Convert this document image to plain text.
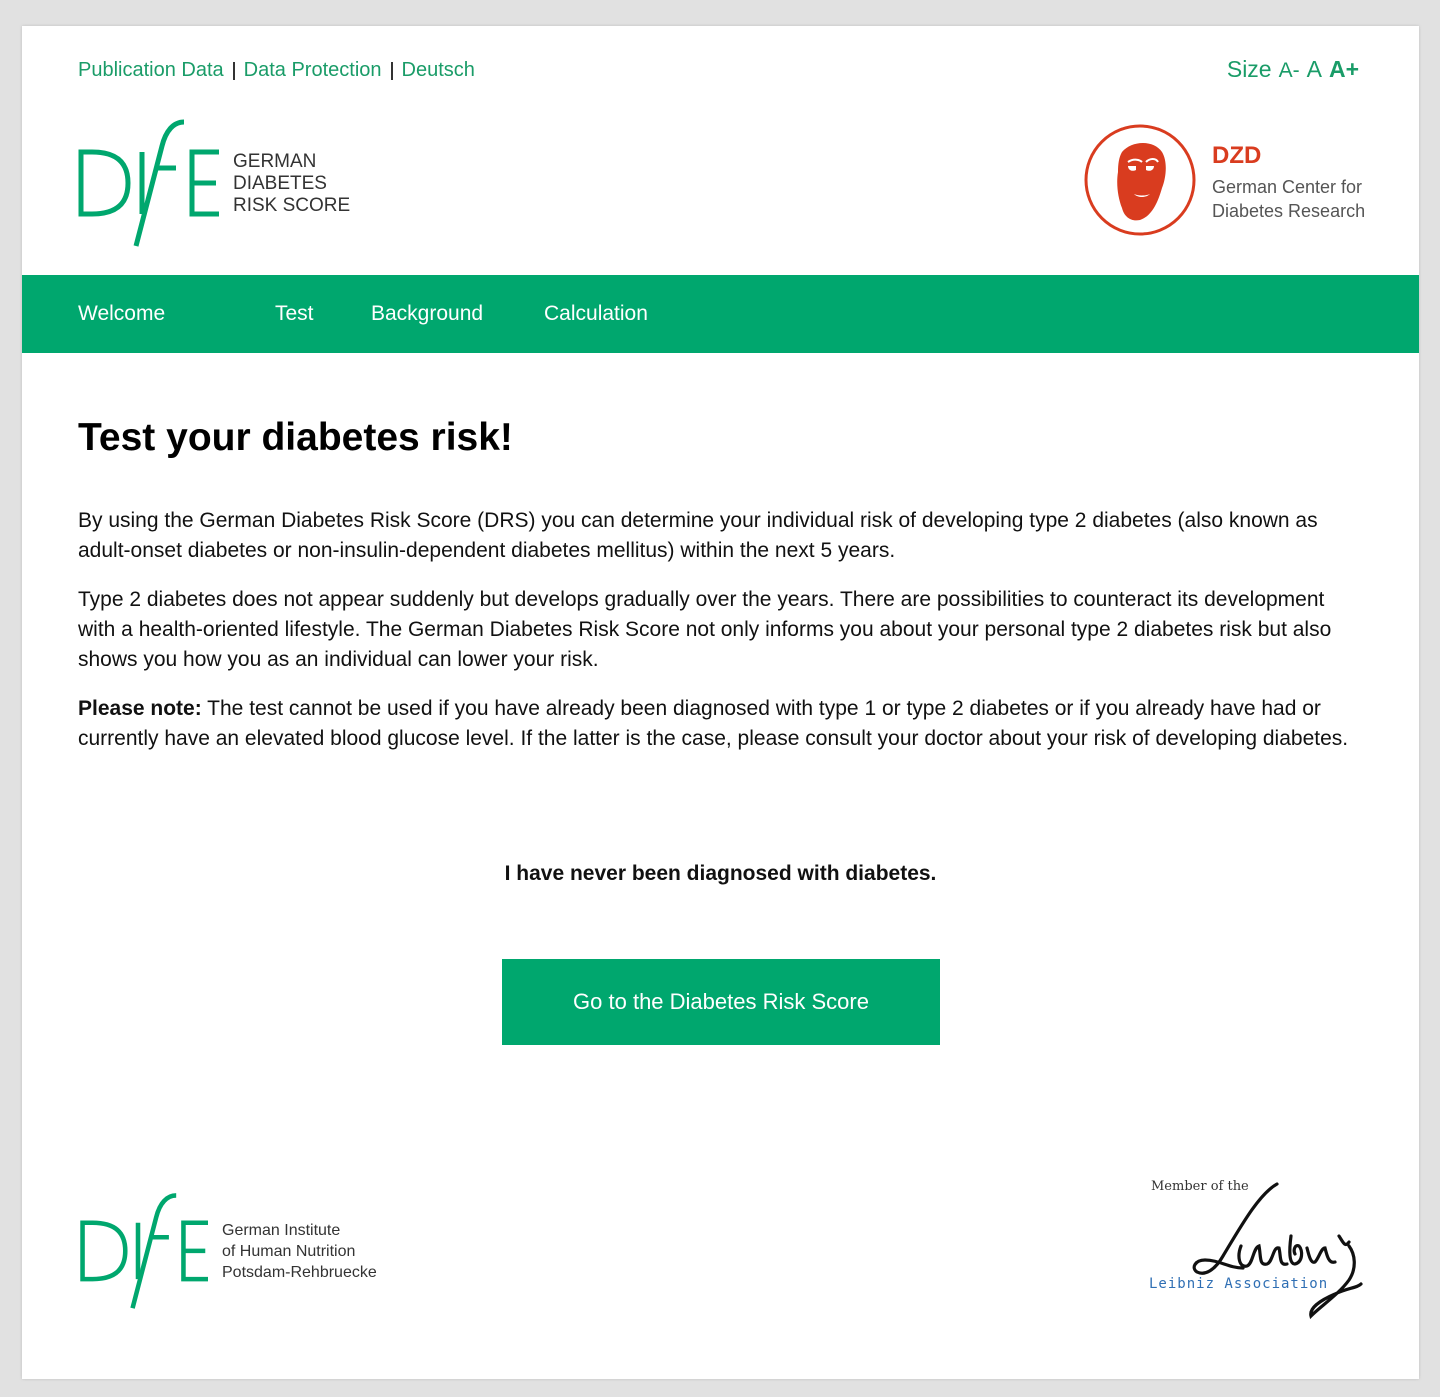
Publication Data Data Protection Deutsch	Size A- A A+
GERMAN
DIABETES
RISK SCORE
DZD
German Center for
Diabetes Research
Welcome	Test	Background	Calculation
Test your diabetes risk!

By using the German Diabetes Risk Score (DRS) you can determine your individual risk of developing type 2 diabetes (also known as adult-onset diabetes or non-insulin-dependent diabetes mellitus) within the next 5 years.

Type 2 diabetes does not appear suddenly but develops gradually over the years. There are possibilities to counteract its development with a health-oriented lifestyle. The German Diabetes Risk Score not only informs you about your personal type 2 diabetes risk but also shows you how you as an individual can lower your risk.

Please note: The test cannot be used if you have already been diagnosed with type 1 or type 2 diabetes or if you already have had or currently have an elevated blood glucose level. If the latter is the case, please consult your doctor about your risk of developing diabetes.

I have never been diagnosed with diabetes.
Go to the Diabetes Risk Score
German Institute
of Human Nutrition
Potsdam-Rehbruecke
Member of the
Leibniz Association
